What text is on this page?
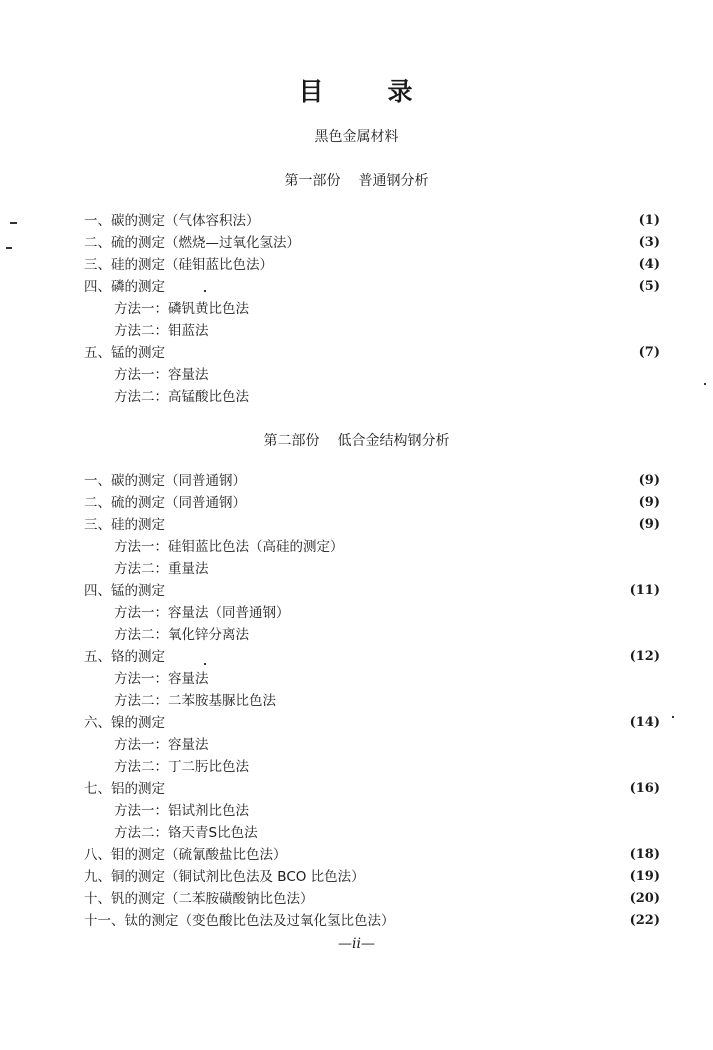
目 录
黑色金属材料
第一部份 普通钢分析
一、碳的测定（气体容积法）	(1)
二、硫的测定（燃烧—过氧化氢法）	(3)
三、硅的测定（硅钼蓝比色法）	(4)
四、磷的测定	(5)
方法一：磷钒黄比色法
方法二：钼蓝法
五、锰的测定	(7)
方法一：容量法
方法二：高锰酸比色法
第二部份 低合金结构钢分析
一、碳的测定（同普通钢）	(9)
二、硫的测定（同普通钢）	(9)
三、硅的测定	(9)
方法一：硅钼蓝比色法（高硅的测定）
方法二：重量法
四、锰的测定	(11)
方法一：容量法（同普通钢）
方法二：氧化锌分离法
五、铬的测定	(12)
方法一：容量法
方法二：二苯胺基脲比色法
六、镍的测定	(14)
方法一：容量法
方法二：丁二肟比色法
七、铝的测定	(16)
方法一：铝试剂比色法
方法二：铬天青S比色法
八、钼的测定（硫氰酸盐比色法）	(18)
九、铜的测定（铜试剂比色法及 BCO 比色法）	(19)
十、钒的测定（二苯胺磺酸钠比色法）	(20)
十一、钛的测定（变色酸比色法及过氧化氢比色法）	(22)
—ii—
